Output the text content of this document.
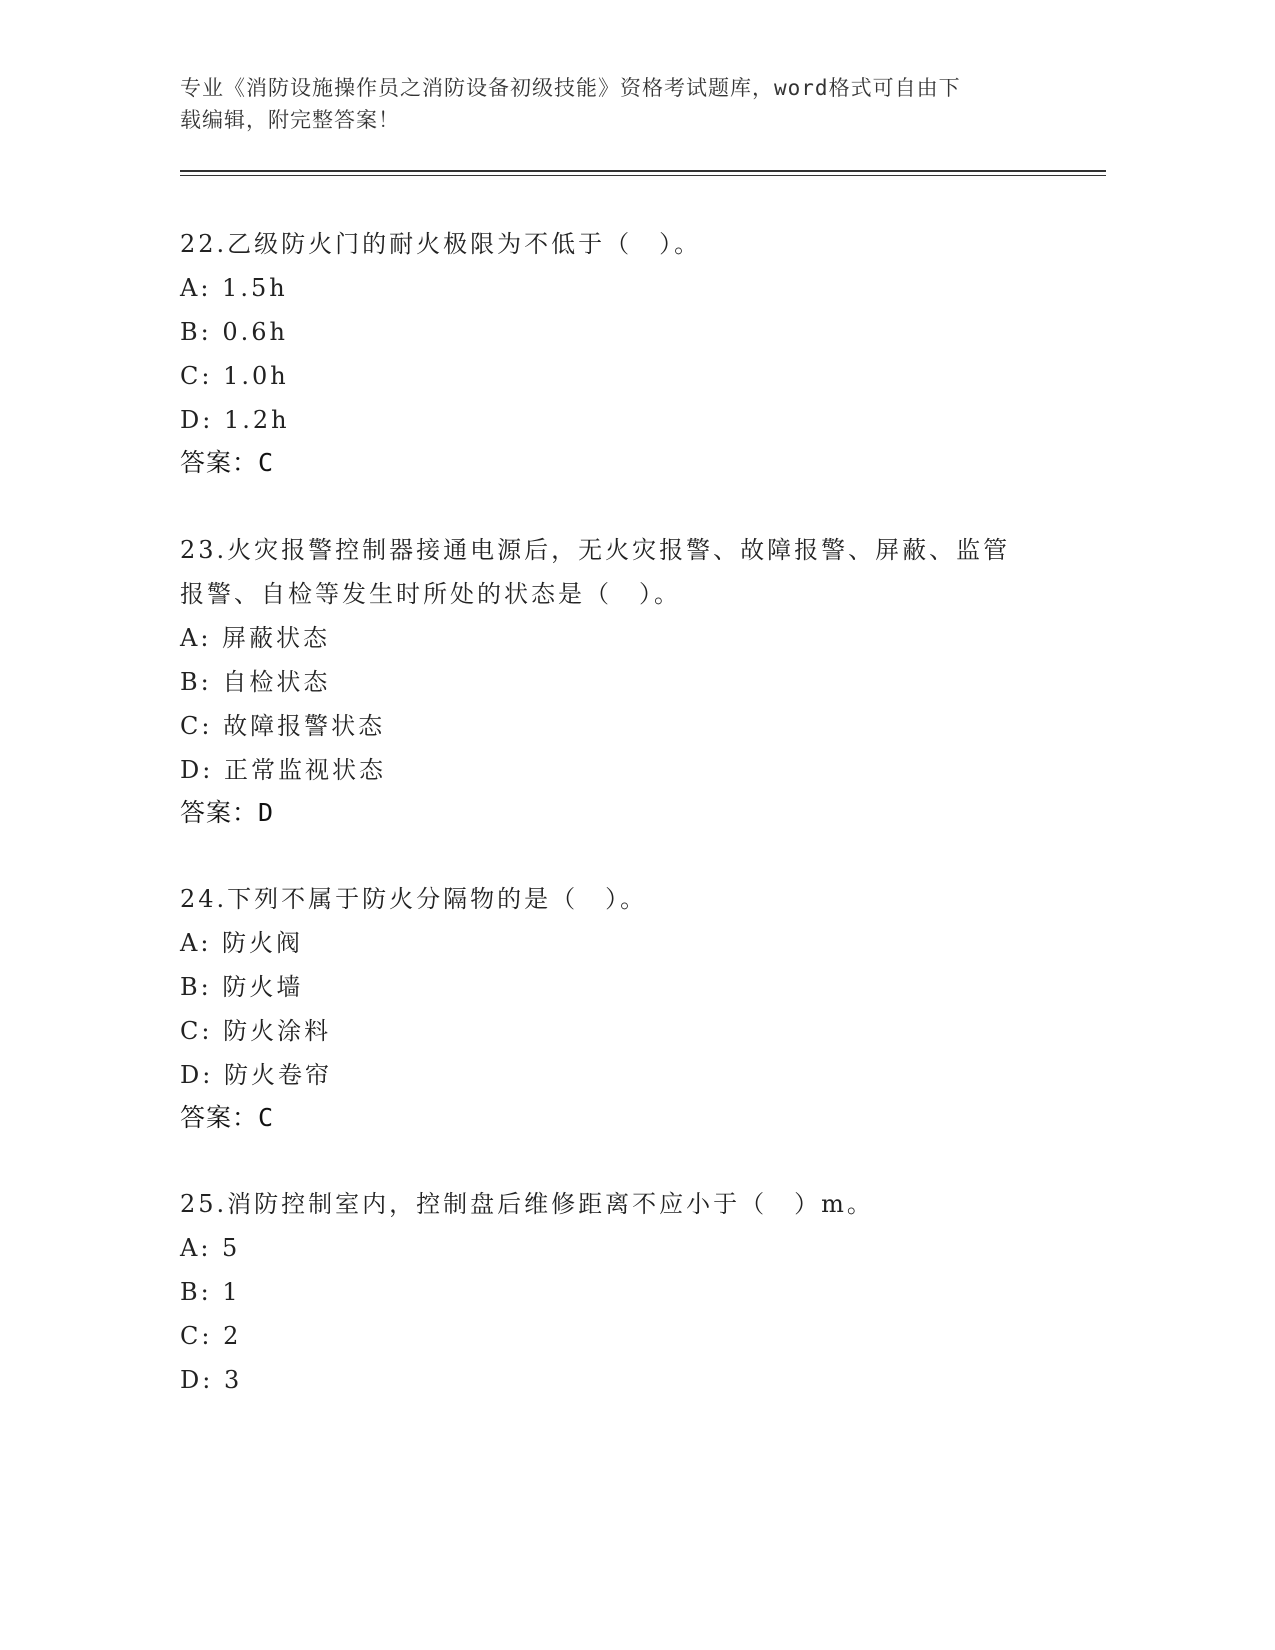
专业《消防设施操作员之消防设备初级技能》资格考试题库，word格式可自由下
载编辑，附完整答案！

22.乙级防火门的耐火极限为不低于（　）。

A: 1.5h

B: 0.6h

C: 1.0h

D: 1.2h

答案：C

23.火灾报警控制器接通电源后，无火灾报警、故障报警、屏蔽、监管

报警、自检等发生时所处的状态是（　）。

A: 屏蔽状态

B: 自检状态

C: 故障报警状态

D: 正常监视状态

答案：D

24.下列不属于防火分隔物的是（　）。

A: 防火阀

B: 防火墙

C: 防火涂料

D: 防火卷帘

答案：C

25.消防控制室内，控制盘后维修距离不应小于（　）m。

A: 5

B: 1

C: 2

D: 3
